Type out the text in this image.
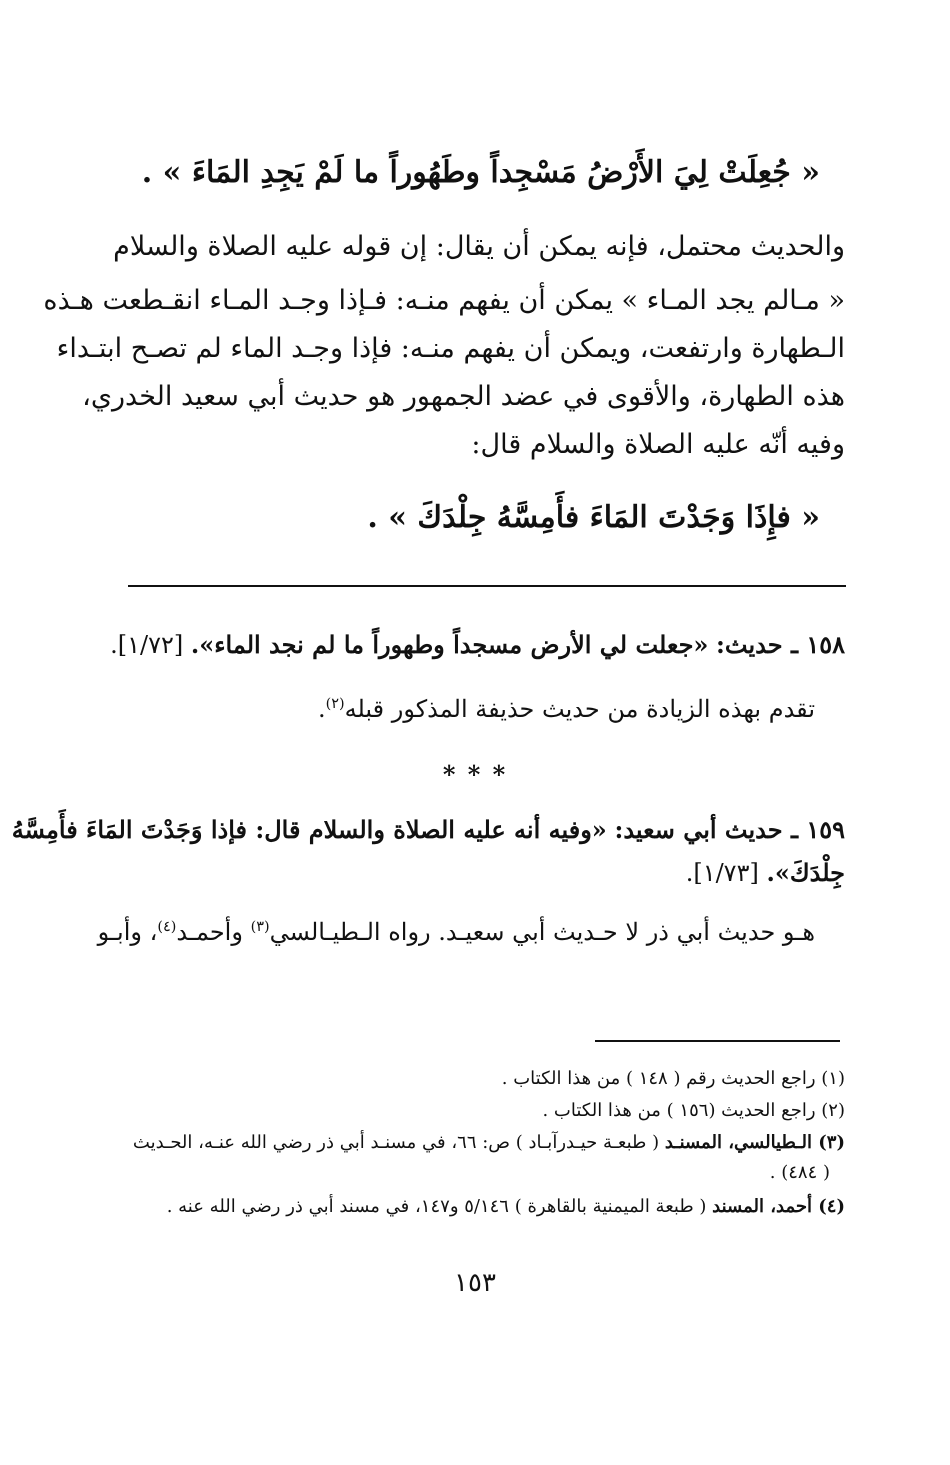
« جُعِلَتْ لِيَ الأَرْضُ مَسْجِداً وطَهُوراً ما لَمْ يَجِدِ المَاءَ » .
والحديث محتمل، فإنه يمكن أن يقال: إن قوله عليه الصلاة والسلام
« مـالم يجد المـاء » يمكن أن يفهم منـه: فـإذا وجـد المـاء انقـطعت هـذه
الـطهارة وارتفعت، ويمكن أن يفهم منـه: فإذا وجـد الماء لم تصـح ابتـداء
هذه الطهارة، والأقوى في عضد الجمهور هو حديث أبي سعيد الخدري،
وفيه أنّه عليه الصلاة والسلام قال:
« فإِذَا وَجَدْتَ المَاءَ فأَمِسَّهُ جِلْدَكَ » .
١٥٨ ـ حديث: «جعلت لي الأرض مسجداً وطهوراً ما لم نجد الماء». [١/٧٢].
تقدم بهذه الزيادة من حديث حذيفة المذكور قبله$^{(٢)}$.
* * *
١٥٩ ـ حديث أبي سعيد: «وفيه أنه عليه الصلاة والسلام قال: فإذا وَجَدْتَ المَاءَ فأَمِسَّهُ
جِلْدَكَ». [١/٧٣].
هـو حديث أبي ذر لا حـديث أبي سعيـد. رواه الـطيـالسي$^{(٣)}$ وأحمـد$^{(٤)}$، وأبـو
(١) راجع الحديث رقم ( ١٤٨ ) من هذا الكتاب .
(٢) راجع الحديث (١٥٦ ) من هذا الكتاب .
(٣) الـطيالسي، المسنـد ( طبعـة حيـدرآبـاد ) ص: ٦٦، في مسنـد أبي ذر رضي الله عنـه، الحـديث
( ٤٨٤) .
(٤) أحمد، المسند ( طبعة الميمنية بالقاهرة ) ٥/١٤٦ و١٤٧، في مسند أبي ذر رضي الله عنه .
١٥٣
